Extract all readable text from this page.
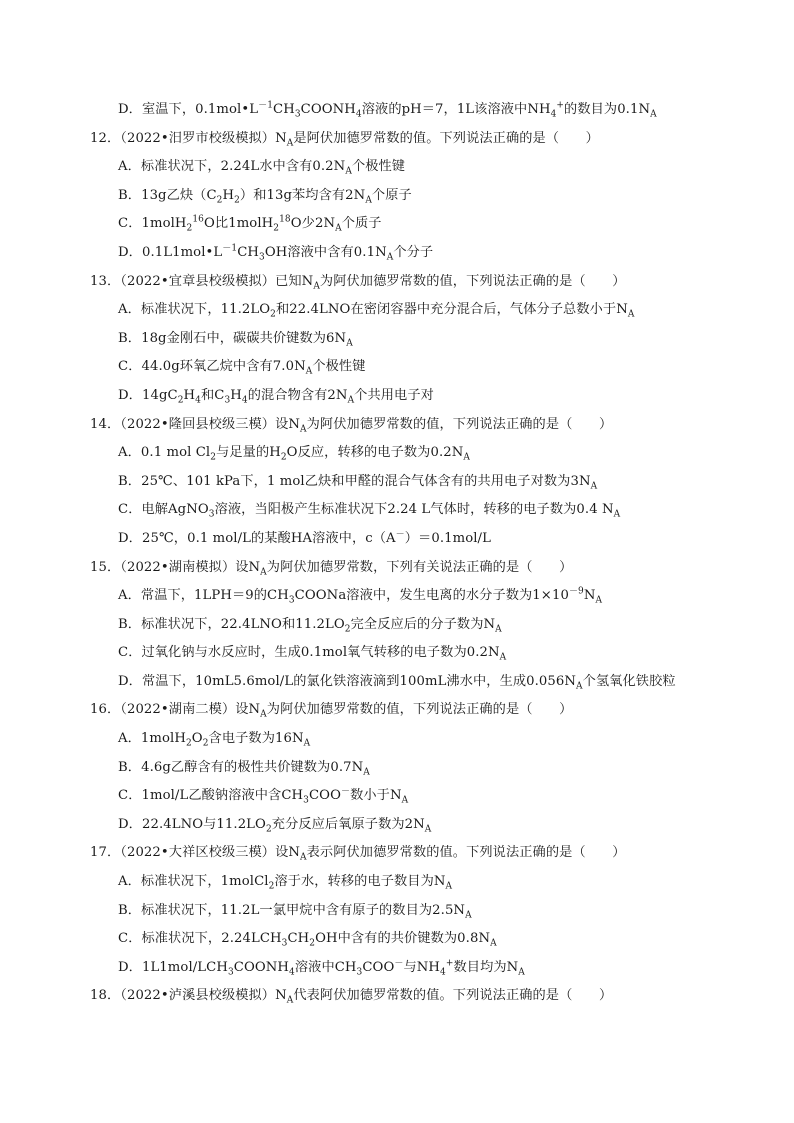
D．室温下，$0.1mol•L^{-1}CH_3COONH_4$溶液的pH＝7，1L该溶液中$NH_4^+$的数目为$0.1N_A$
12．（2022•汨罗市校级模拟）$N_A$是阿伏加德罗常数的值。下列说法正确的是（　　）
A．标准状况下，2.24L水中含有$0.2N_A$个极性键
B．13g乙炔$(C_2H_2)$和13g苯均含有$2N_A$个原子
C．1molH$_2^{16}$O比1molH$_2^{18}$O少$2N_A$个质子
D．$0.1L1mol•L^{-1}CH_3OH$溶液中含有$0.1N_A$个分子
13．（2022•宜章县校级模拟）已知$N_A$为阿伏加德罗常数的值，下列说法正确的是（　　）
A．标准状况下，$11.2LO_2$和22.4LNO在密闭容器中充分混合后，气体分子总数小于$N_A$
B．18g金刚石中，碳碳共价键数为$6N_A$
C．44.0g环氧乙烷中含有$7.0N_A$个极性键
D．$14gC_2H_4$和$C_3H_4$的混合物含有$2N_A$个共用电子对
14．（2022•隆回县校级三模）设$N_A$为阿伏加德罗常数的值，下列说法正确的是（　　）
A．0.1 mol $Cl_2$与足量的$H_2O$反应，转移的电子数为$0.2N_A$
B．25℃、101 kPa下，1 mol乙炔和甲醛的混合气体含有的共用电子对数为$3N_A$
C．电解AgNO$_3$溶液，当阳极产生标准状况下2.24 L气体时，转移的电子数为0.4 $N_A$
D．25℃，0.1 mol/L的某酸HA溶液中，c（A－）＝0.1mol/L
15．（2022•湖南模拟）设$N_A$为阿伏加德罗常数，下列有关说法正确的是（　　）
A．常温下，1LPH＝9的$CH_3COONa$溶液中，发生电离的水分子数为$1\times 10^{-9}N_A$
B．标准状况下，22.4LNO和$11.2LO_2$完全反应后的分子数为$N_A$
C．过氧化钠与水反应时，生成0.1mol氧气转移的电子数为$0.2N_A$
D．常温下，10mL5.6mol/L的氯化铁溶液滴到100mL沸水中，生成$0.056N_A$个氢氧化铁胶粒
16．（2022•湖南二模）设$N_A$为阿伏加德罗常数的值，下列说法正确的是（　　）
A．$1molH_2O_2$含电子数为$16N_A$
B．4.6g乙醇含有的极性共价键数为$0.7N_A$
C．1mol/L乙酸钠溶液中含$CH_3COO^-$数小于$N_A$
D．22.4LNO与$11.2LO_2$充分反应后氧原子数为$2N_A$
17．（2022•大祥区校级三模）设$N_A$表示阿伏加德罗常数的值。下列说法正确的是（　　）
A．标准状况下，1molCl$_2$溶于水，转移的电子数目为$N_A$
B．标准状况下，11.2L一氯甲烷中含有原子的数目为$2.5N_A$
C．标准状况下，$2.24LCH_3CH_2OH$中含有的共价键数为$0.8N_A$
D．$1L1mol/LCH_3COONH_4$溶液中$CH_3COO^-$与$NH_4^+$数目均为$N_A$
18．（2022•泸溪县校级模拟）$N_A$代表阿伏加德罗常数的值。下列说法正确的是（　　）
